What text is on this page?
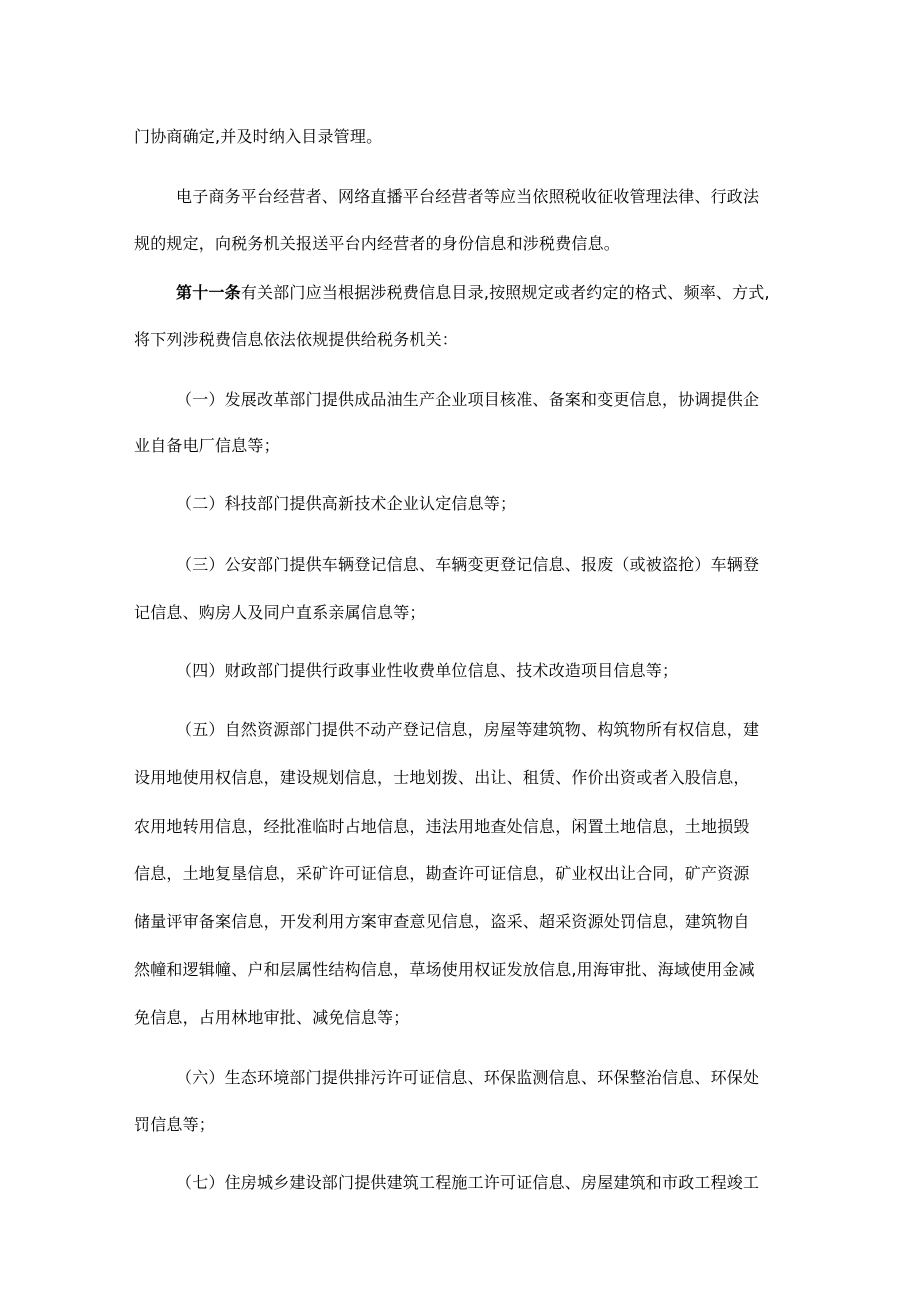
门协商确定,并及时纳入目录管理。
电子商务平台经营者、网络直播平台经营者等应当依照税收征收管理法律、行政法
规的规定，向税务机关报送平台内经营者的身份信息和涉税费信息。
第十一条有关部门应当根据涉税费信息目录,按照规定或者约定的格式、频率、方式,
将下列涉税费信息依法依规提供给税务机关：
（一）发展改革部门提供成品油生产企业项目核准、备案和变更信息，协调提供企
业自备电厂信息等；
（二）科技部门提供高新技术企业认定信息等；
（三）公安部门提供车辆登记信息、车辆变更登记信息、报废（或被盗抢）车辆登
记信息、购房人及同户直系亲属信息等；
（四）财政部门提供行政事业性收费单位信息、技术改造项目信息等；
（五）自然资源部门提供不动产登记信息，房屋等建筑物、构筑物所有权信息，建
设用地使用权信息，建设规划信息，士地划拨、出让、租赁、作价出资或者入股信息，
农用地转用信息，经批准临时占地信息，违法用地查处信息，闲置土地信息，土地损毁
信息，土地复垦信息，采矿许可证信息，勘查许可证信息，矿业权出让合同，矿产资源
储量评审备案信息，开发利用方案审查意见信息，盗采、超采资源处罚信息，建筑物自
然幢和逻辑幢、户和层属性结构信息，草场使用权证发放信息,用海审批、海域使用金减
免信息，占用林地审批、减免信息等；
（六）生态环境部门提供排污许可证信息、环保监测信息、环保整治信息、环保处
罚信息等；
（七）住房城乡建设部门提供建筑工程施工许可证信息、房屋建筑和市政工程竣工
